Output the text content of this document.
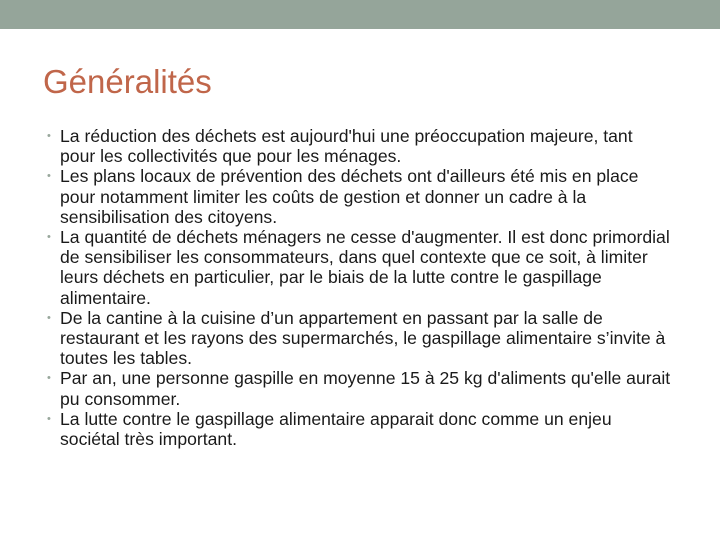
Généralités
• La réduction des déchets est aujourd'hui une préoccupation majeure, tant pour les collectivités que pour les ménages.
• Les plans locaux de prévention des déchets ont d'ailleurs été mis en place pour notamment limiter les coûts de gestion et donner un cadre à la sensibilisation des citoyens.
• La quantité de déchets ménagers ne cesse d'augmenter. Il est donc primordial de sensibiliser les consommateurs, dans quel contexte que ce soit, à limiter leurs déchets en particulier, par le biais de la lutte contre le gaspillage alimentaire.
• De la cantine à la cuisine d’un appartement en passant par la salle de restaurant et les rayons des supermarchés, le gaspillage alimentaire s’invite à toutes les tables.
• Par an, une personne gaspille en moyenne 15 à 25 kg d'aliments qu'elle aurait pu consommer.
• La lutte contre le gaspillage alimentaire apparait donc comme un enjeu sociétal très important.
